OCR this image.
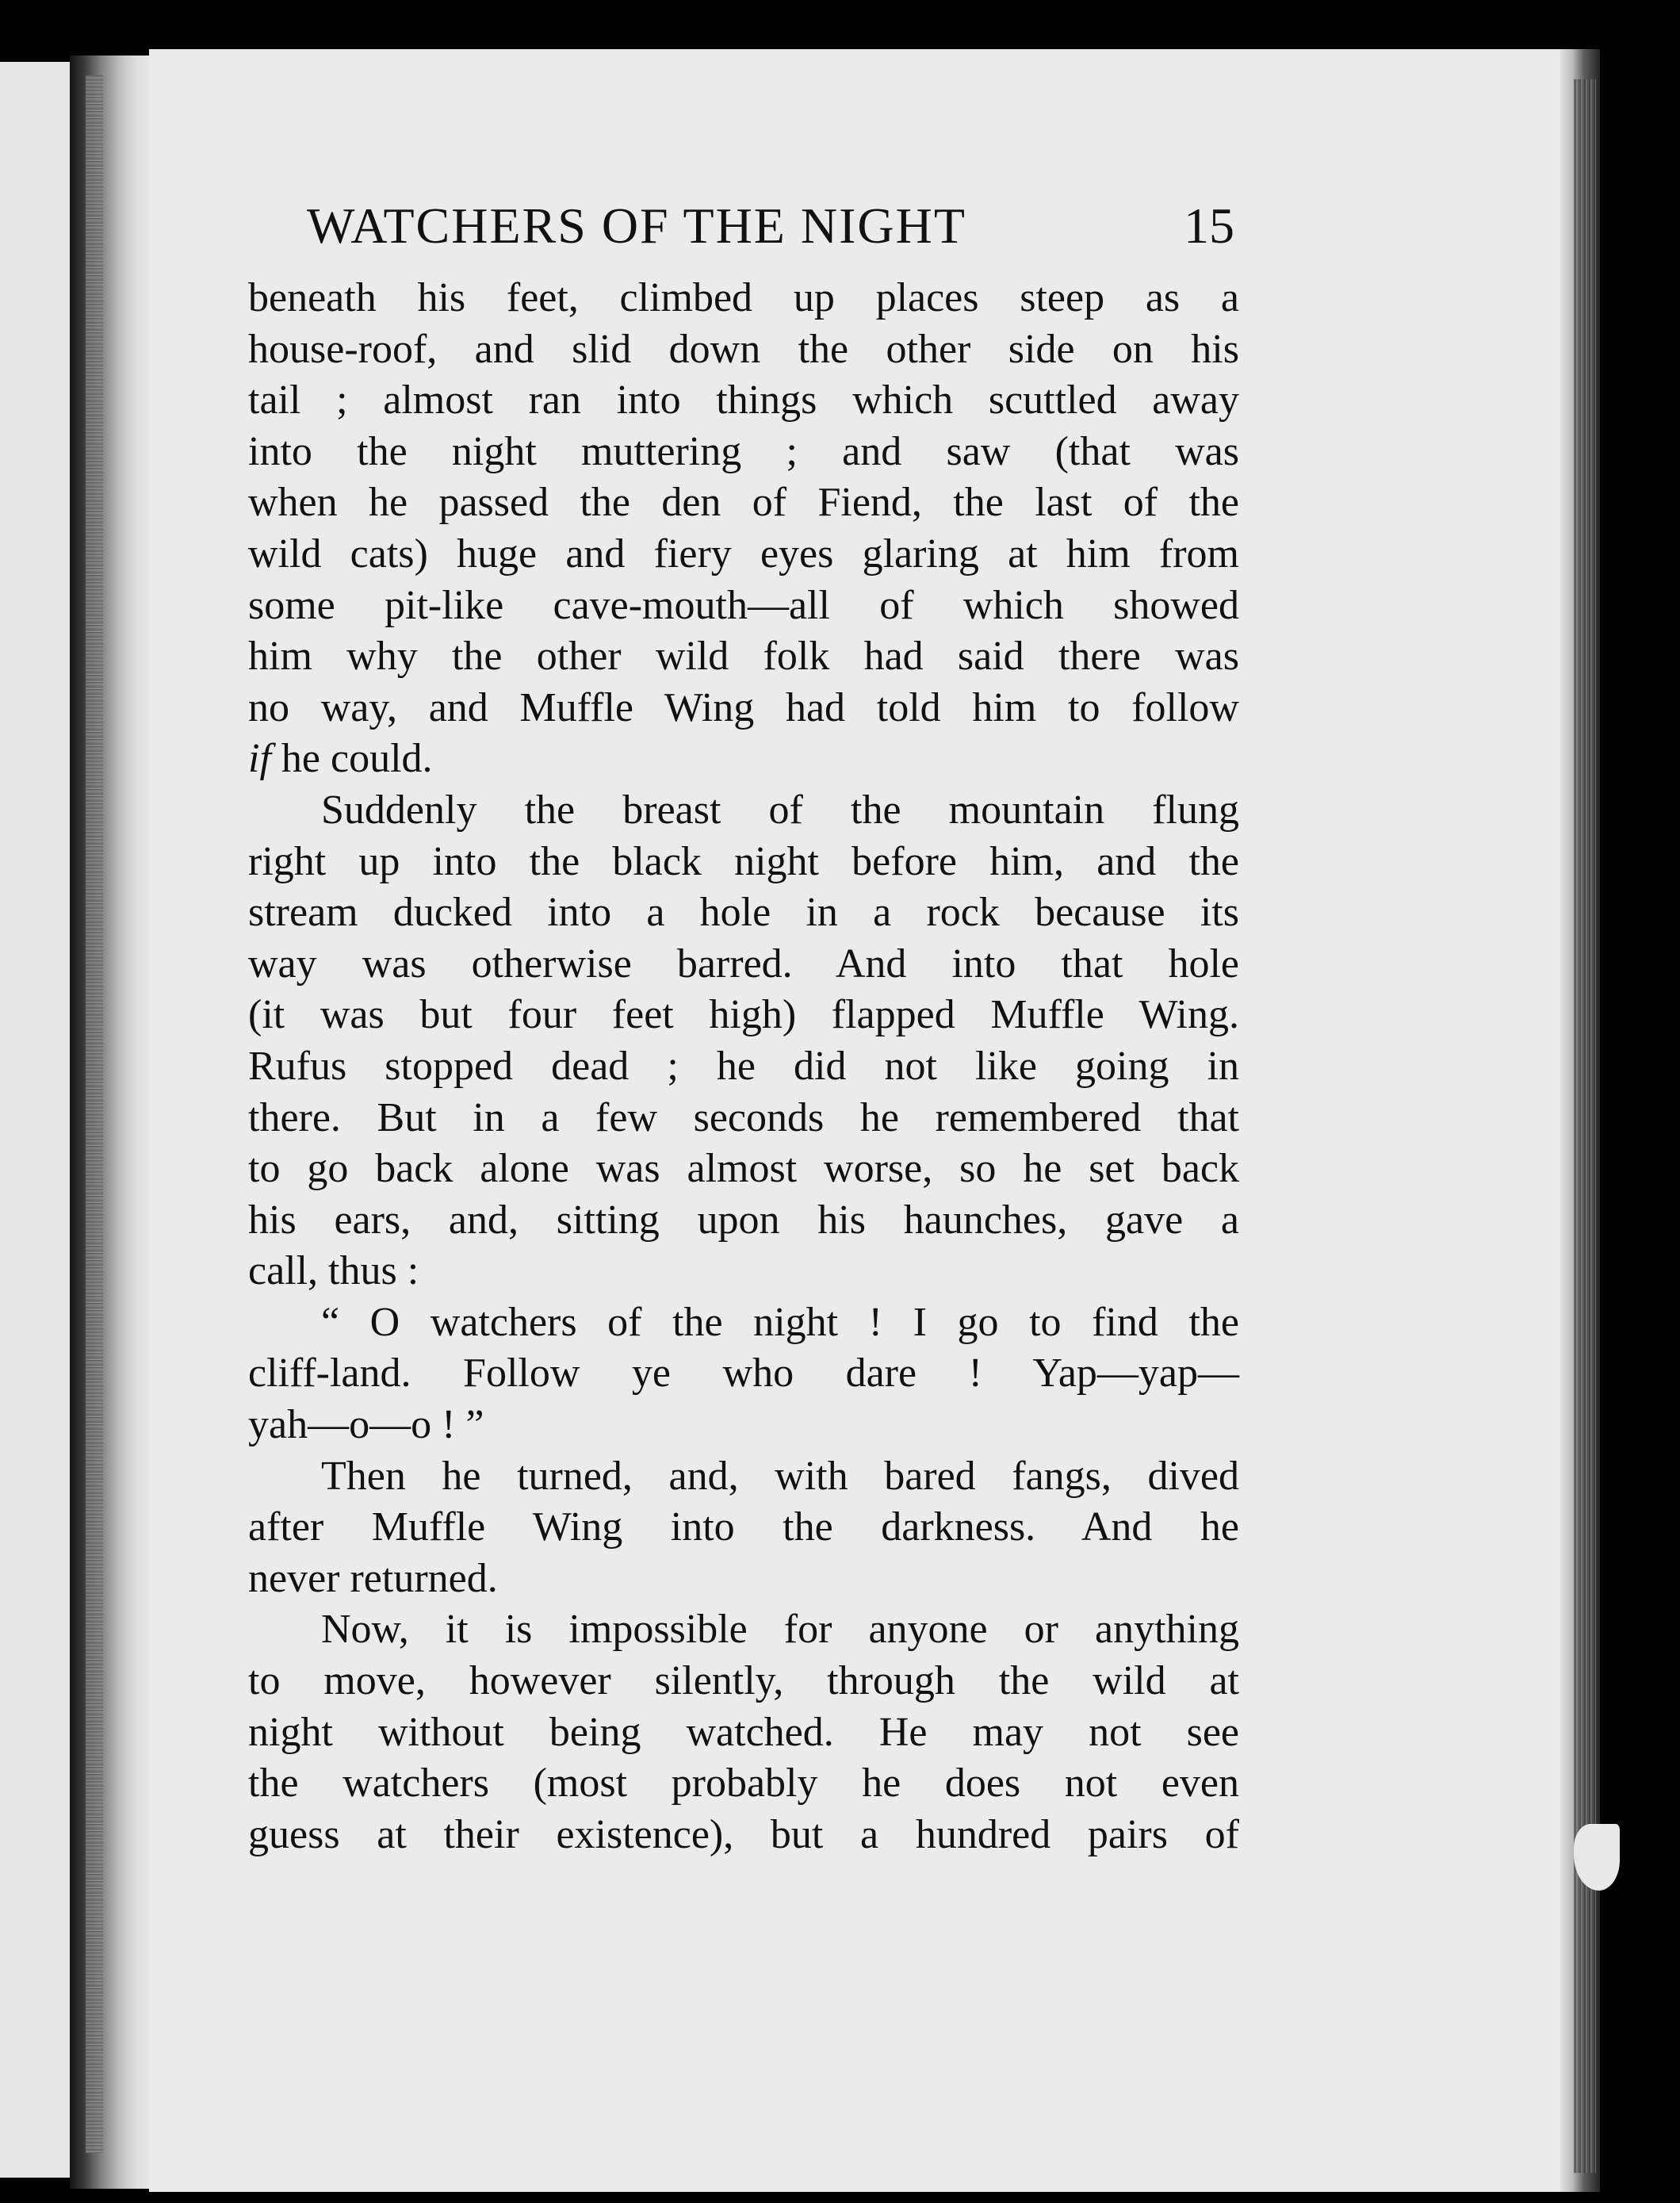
WATCHERS OF THE NIGHT	15
beneath his feet, climbed up places steep as a
house-roof, and slid down the other side on his
tail ; almost ran into things which scuttled away
into the night muttering ; and saw (that was
when he passed the den of Fiend, the last of the
wild cats) huge and fiery eyes glaring at him from
some pit-like cave-mouth—all of which showed
him why the other wild folk had said there was
no way, and Muffle Wing had told him to follow
if he could.
Suddenly the breast of the mountain flung
right up into the black night before him, and the
stream ducked into a hole in a rock because its
way was otherwise barred. And into that hole
(it was but four feet high) flapped Muffle Wing.
Rufus stopped dead ; he did not like going in
there. But in a few seconds he remembered that
to go back alone was almost worse, so he set back
his ears, and, sitting upon his haunches, gave a
call, thus :
“ O watchers of the night ! I go to find the
cliff-land. Follow ye who dare ! Yap—yap—
yah—o—o ! ”
Then he turned, and, with bared fangs, dived
after Muffle Wing into the darkness. And he
never returned.
Now, it is impossible for anyone or anything
to move, however silently, through the wild at
night without being watched. He may not see
the watchers (most probably he does not even
guess at their existence), but a hundred pairs of
